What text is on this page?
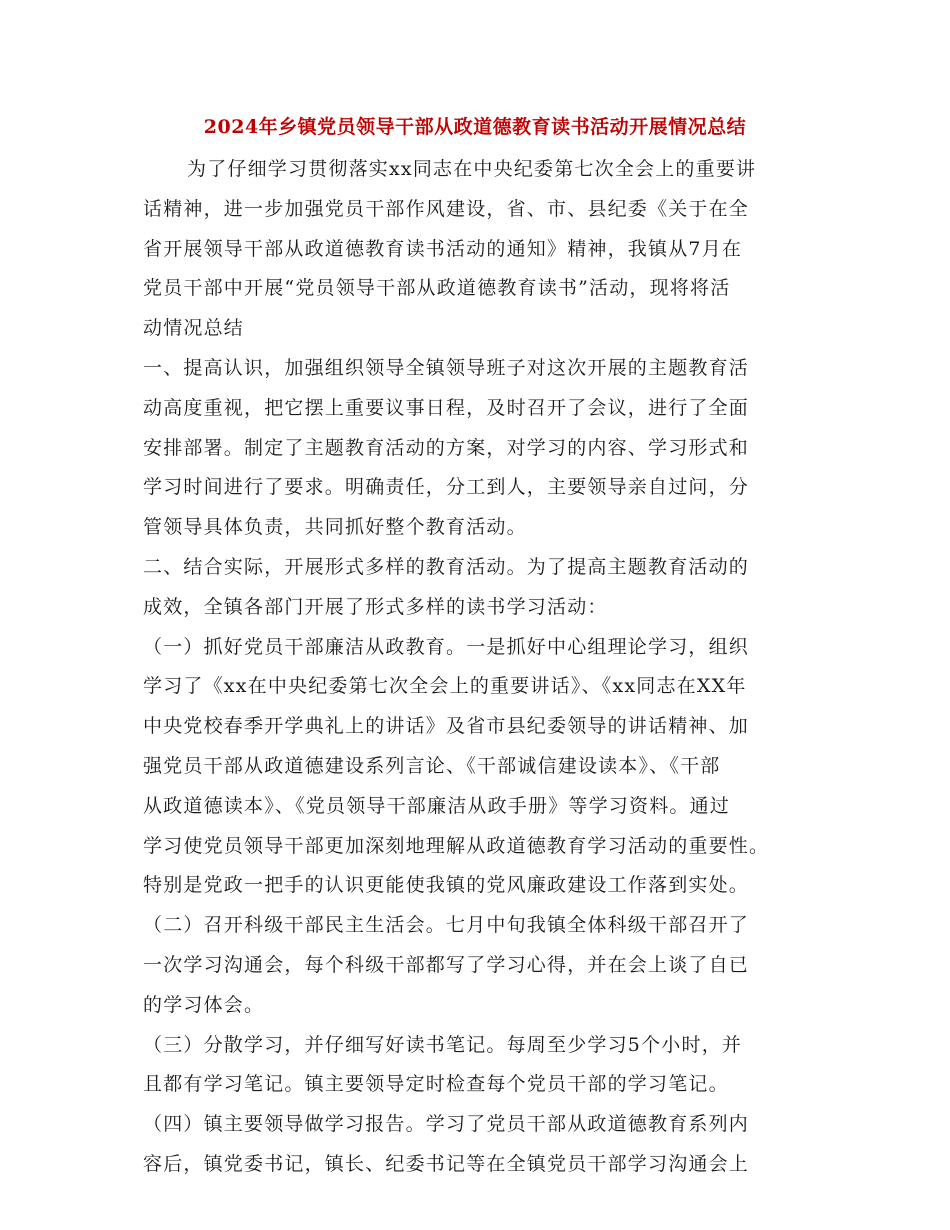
2024年乡镇党员领导干部从政道德教育读书活动开展情况总结
为了仔细学习贯彻落实xx同志在中央纪委第七次全会上的重要讲
话精神，进一步加强党员干部作风建设，省、市、县纪委《关于在全
省开展领导干部从政道德教育读书活动的通知》精神，我镇从7月在
党员干部中开展“党员领导干部从政道德教育读书”活动，现将将活
动情况总结
一、提高认识，加强组织领导全镇领导班子对这次开展的主题教育活
动高度重视，把它摆上重要议事日程，及时召开了会议，进行了全面
安排部署。制定了主题教育活动的方案，对学习的内容、学习形式和
学习时间进行了要求。明确责任，分工到人，主要领导亲自过问，分
管领导具体负责，共同抓好整个教育活动。
二、结合实际，开展形式多样的教育活动。为了提高主题教育活动的
成效，全镇各部门开展了形式多样的读书学习活动：
（一）抓好党员干部廉洁从政教育。一是抓好中心组理论学习，组织
学习了《xx在中央纪委第七次全会上的重要讲话》、《xx同志在XX年
中央党校春季开学典礼上的讲话》及省市县纪委领导的讲话精神、加
强党员干部从政道德建设系列言论、《干部诚信建设读本》、《干部
从政道德读本》、《党员领导干部廉洁从政手册》等学习资料。通过
学习使党员领导干部更加深刻地理解从政道德教育学习活动的重要性。
特别是党政一把手的认识更能使我镇的党风廉政建设工作落到实处。
（二）召开科级干部民主生活会。七月中旬我镇全体科级干部召开了
一次学习沟通会，每个科级干部都写了学习心得，并在会上谈了自已
的学习体会。
（三）分散学习，并仔细写好读书笔记。每周至少学习5个小时，并
且都有学习笔记。镇主要领导定时检查每个党员干部的学习笔记。
（四）镇主要领导做学习报告。学习了党员干部从政道德教育系列内
容后，镇党委书记，镇长、纪委书记等在全镇党员干部学习沟通会上
